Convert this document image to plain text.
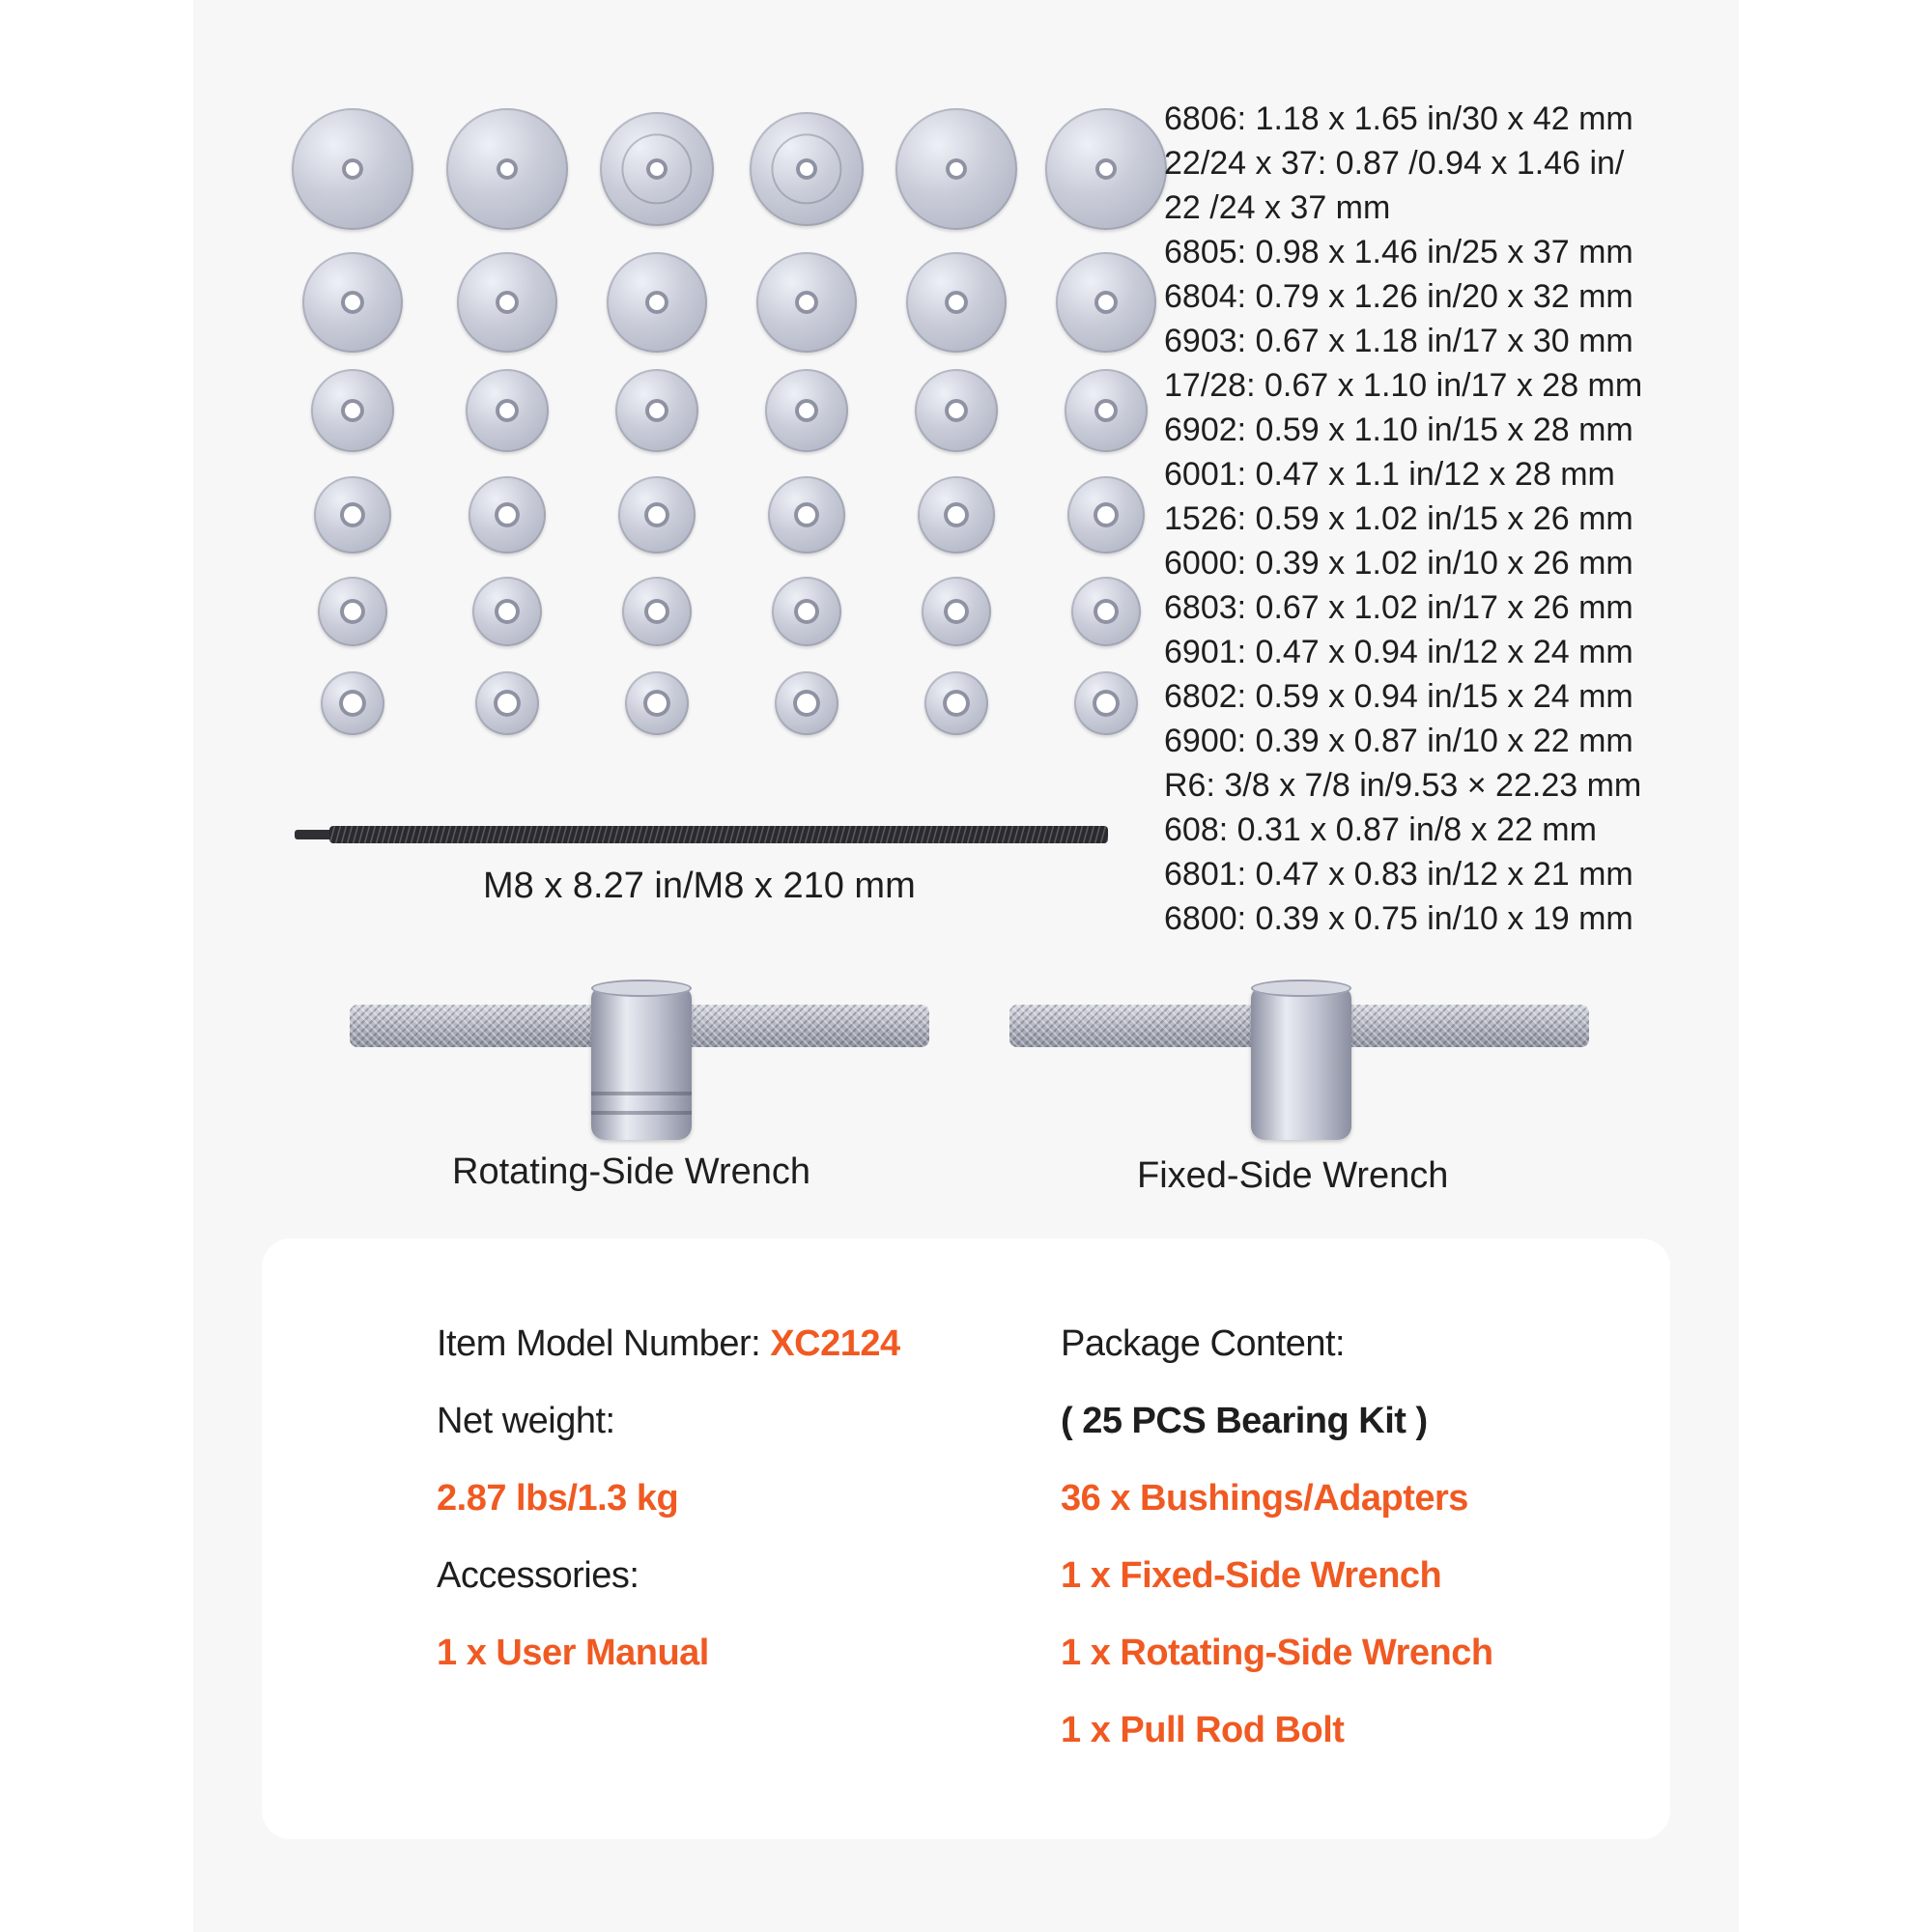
6806: 1.18 x 1.65 in/30 x 42 mm
22/24 x 37: 0.87 /0.94 x 1.46 in/
22 /24 x 37 mm
6805: 0.98 x 1.46 in/25 x 37 mm
6804: 0.79 x 1.26 in/20 x 32 mm
6903: 0.67 x 1.18 in/17 x 30 mm
17/28: 0.67 x 1.10 in/17 x 28 mm
6902: 0.59 x 1.10 in/15 x 28 mm
6001: 0.47 x 1.1 in/12 x 28 mm
1526: 0.59 x 1.02 in/15 x 26 mm
6000: 0.39 x 1.02 in/10 x 26 mm
6803: 0.67 x 1.02 in/17 x 26 mm
6901: 0.47 x 0.94 in/12 x 24 mm
6802: 0.59 x 0.94 in/15 x 24 mm
6900: 0.39 x 0.87 in/10 x 22 mm
R6: 3/8 x 7/8 in/9.53 × 22.23 mm
608: 0.31 x 0.87 in/8 x 22 mm
6801: 0.47 x 0.83 in/12 x 21 mm
6800: 0.39 x 0.75 in/10 x 19 mm
M8 x 8.27 in/M8 x 210 mm
Rotating-Side Wrench	Fixed-Side Wrench
Item Model Number: XC2124
Net weight:
2.87 lbs/1.3 kg
Accessories:
1 x User Manual
Package Content:
( 25 PCS Bearing Kit )
36 x Bushings/Adapters
1 x Fixed-Side Wrench
1 x Rotating-Side Wrench
1 x Pull Rod Bolt
